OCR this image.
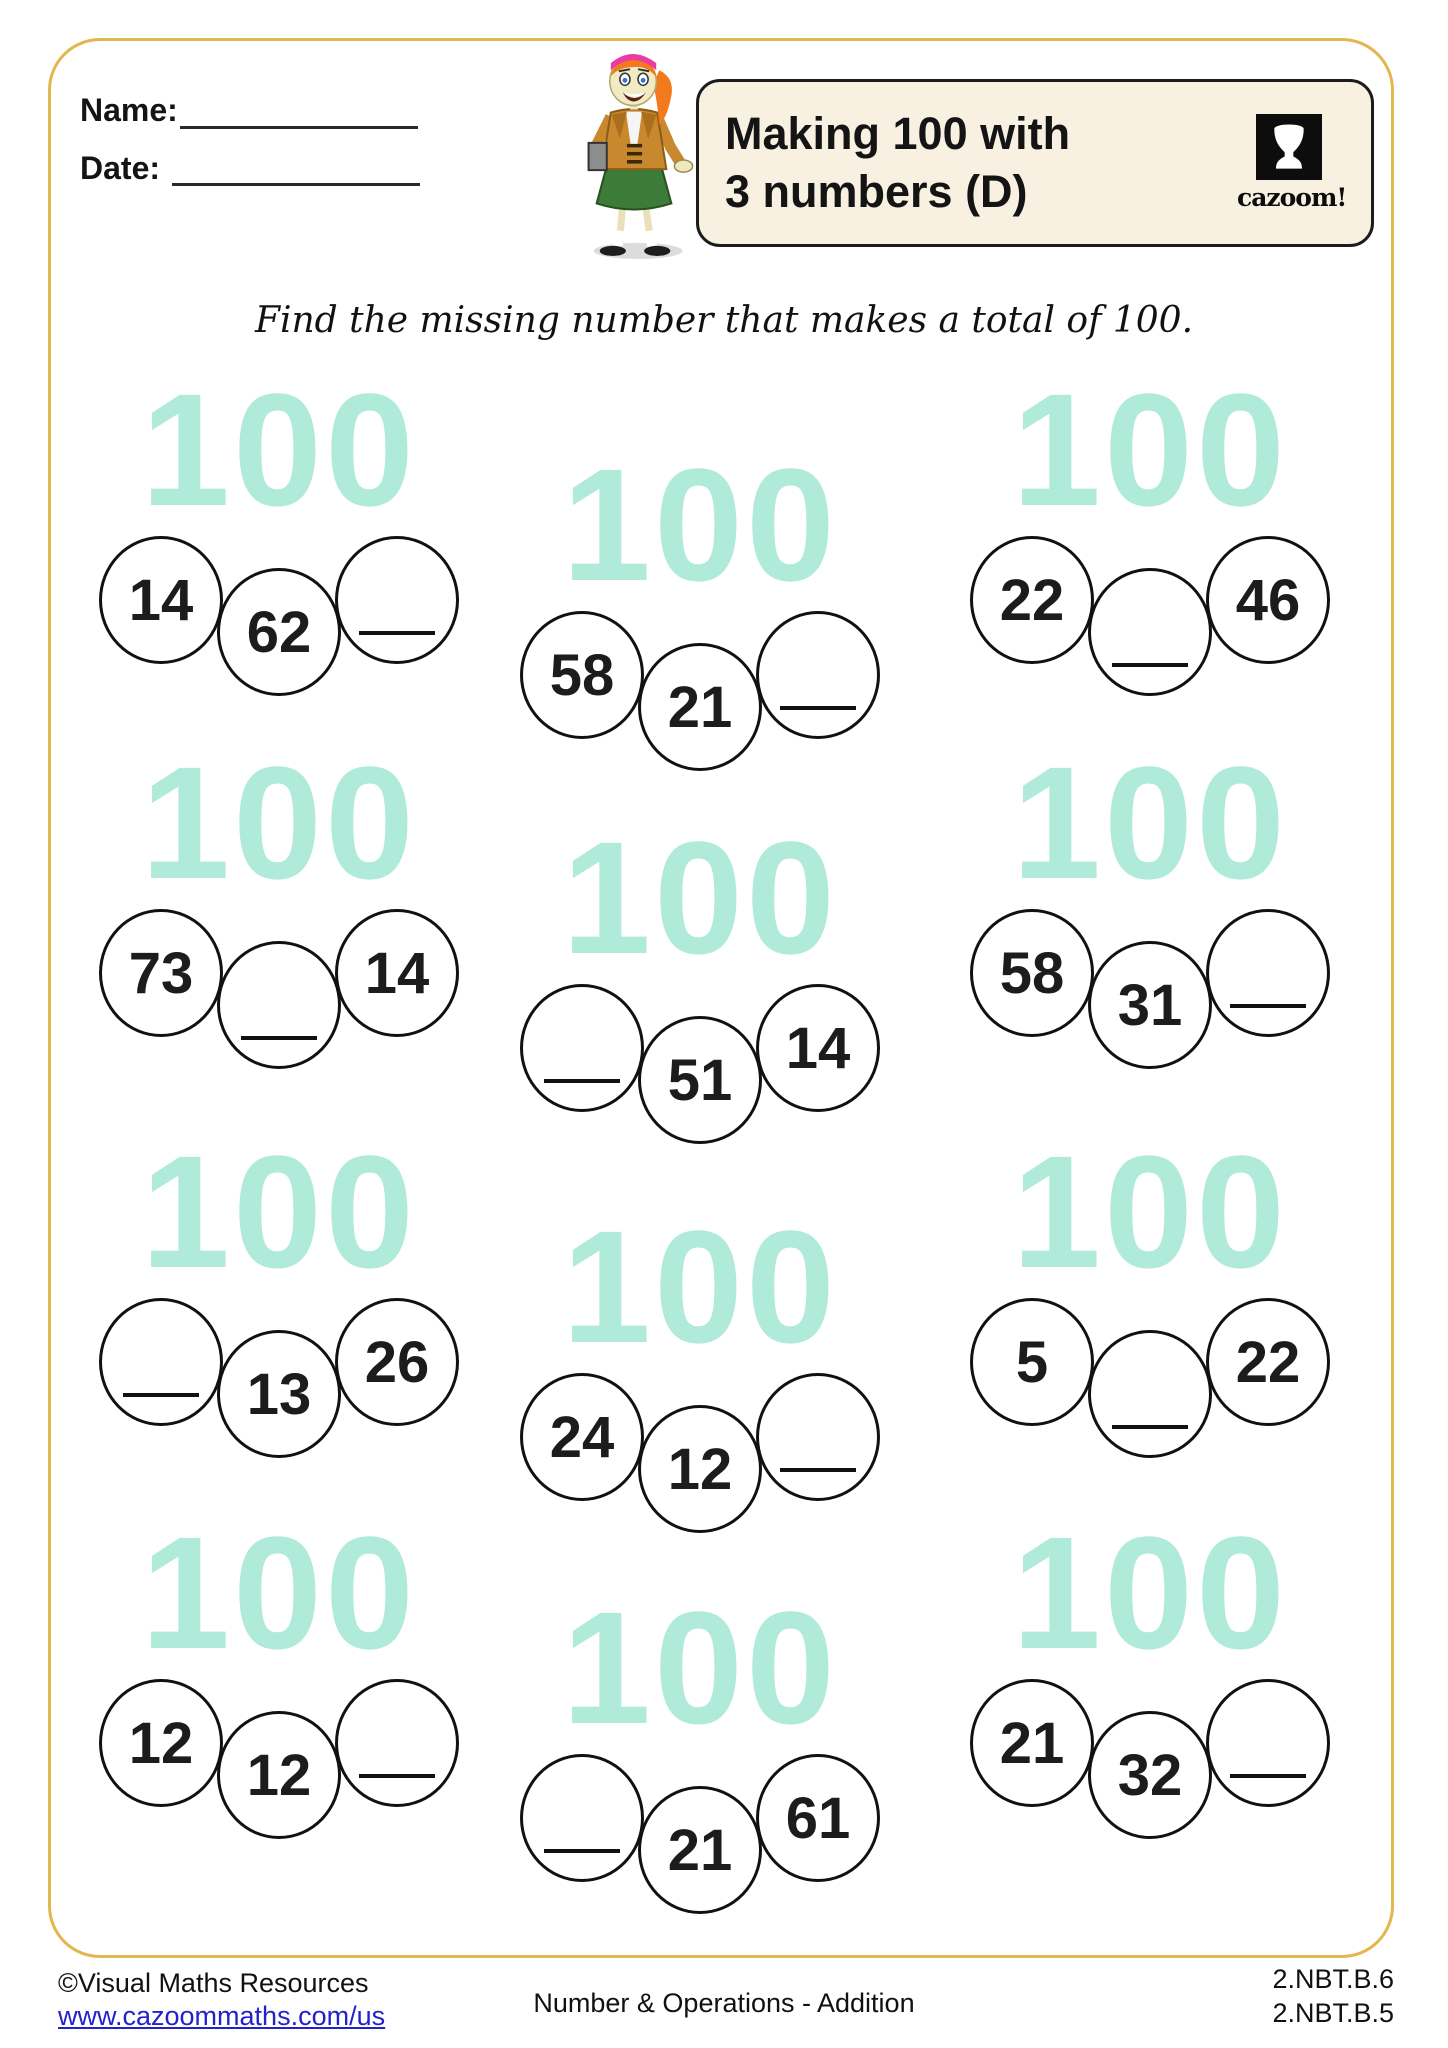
Name:
Date:
Making 100 with
3 numbers (D)	cazoom!
Find the missing number that makes a total of 100.
100
14 62
100
58 21
100
22	46
100
73	14 100
51 14
100
58 31
100
13 26 100
24 12
100
5	22
100
12 12
100
21 61
100
21 32
©Visual Maths Resources
www.cazoommaths.com/us	Number & Operations - Addition
2.NBT.B.6
2.NBT.B.5
